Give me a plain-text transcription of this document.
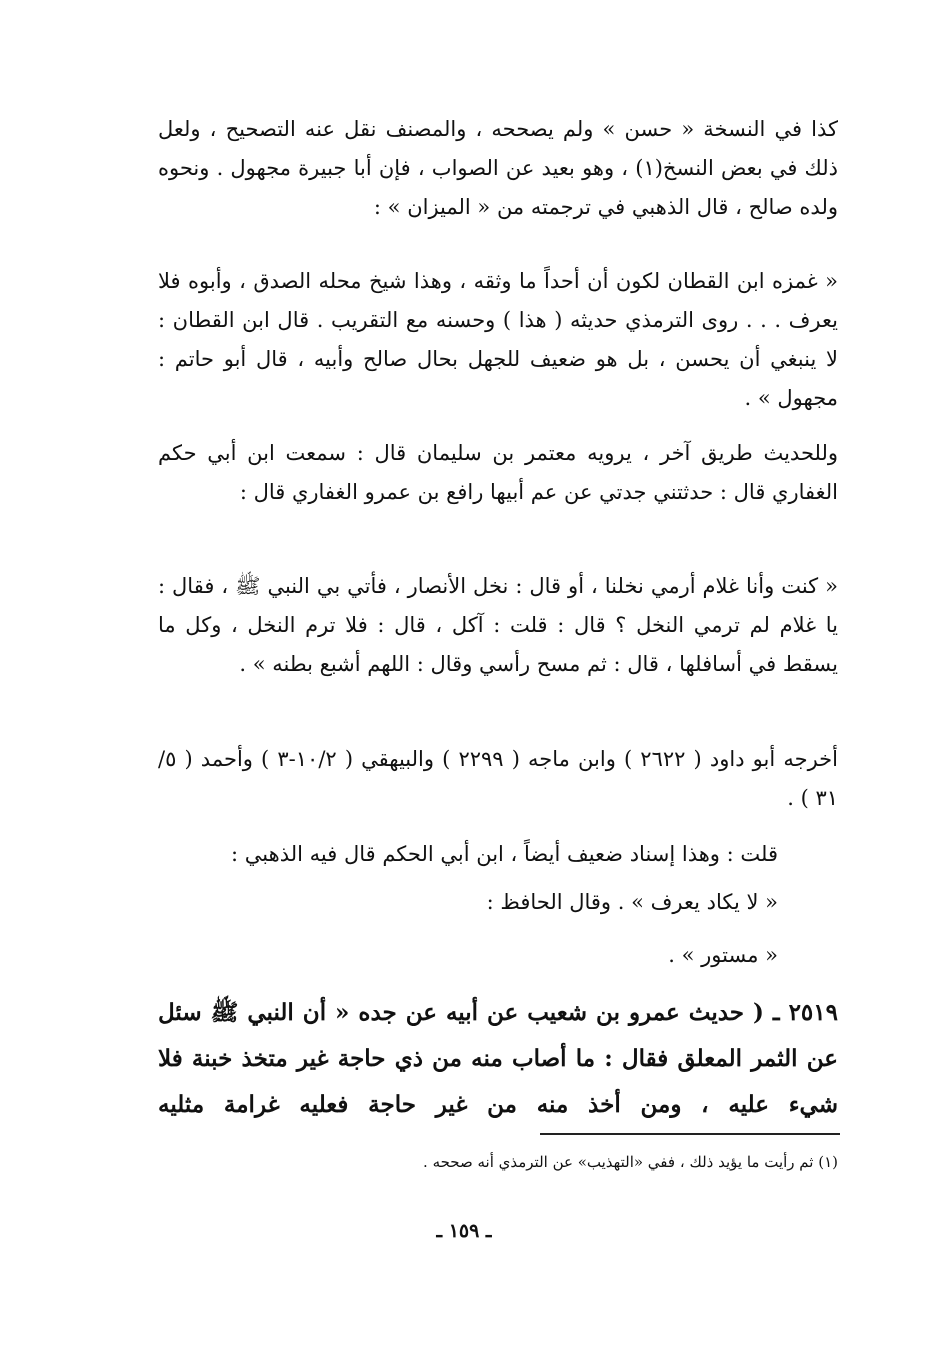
كذا في النسخة « حسن » ولم يصححه ، والمصنف نقل عنه التصحيح ، ولعل ذلك في بعض النسخ(١) ، وهو بعيد عن الصواب ، فإن أبا جبيرة مجهول . ونحوه ولده صالح ، قال الذهبي في ترجمته من « الميزان » :

« غمزه ابن القطان لكون أن أحداً ما وثقه ، وهذا شيخ محله الصدق ، وأبوه فلا يعرف . . . روى الترمذي حديثه ( هذا ) وحسنه مع التقريب . قال ابن القطان : لا ينبغي أن يحسن ، بل هو ضعيف للجهل بحال صالح وأبيه ، قال أبو حاتم : مجهول » .

وللحديث طريق آخر ، يرويه معتمر بن سليمان قال : سمعت ابن أبي حكم الغفاري قال : حدثتني جدتي عن عم أبيها رافع بن عمرو الغفاري قال :

« كنت وأنا غلام أرمي نخلنا ، أو قال : نخل الأنصار ، فأتي بي النبي ﷺ ، فقال : يا غلام لم ترمي النخل ؟ قال : قلت : آكل ، قال : فلا ترم النخل ، وكل ما يسقط في أسافلها ، قال : ثم مسح رأسي وقال : اللهم أشبع بطنه » .

أخرجه أبو داود ( ٢٦٢٢ ) وابن ماجه ( ٢٢٩٩ ) والبيهقي ( ١٠/٢-٣ ) وأحمد ( ٥/ ٣١ ) .

قلت : وهذا إسناد ضعيف أيضاً ، ابن أبي الحكم قال فيه الذهبي :

« لا يكاد يعرف » . وقال الحافظ :

« مستور » .

٢٥١٩ ـ ( حديث عمرو بن شعيب عن أبيه عن جده « أن النبي ﷺ سئل عن الثمر المعلق فقال : ما أصاب منه من ذي حاجة غير متخذ خبنة فلا شيء عليه ، ومن أخذ منه من غير حاجة فعليه غرامة مثليه

(١) ثم رأيت ما يؤيد ذلك ، ففي «التهذيب» عن الترمذي أنه صححه .

ـ ١٥٩ ـ
